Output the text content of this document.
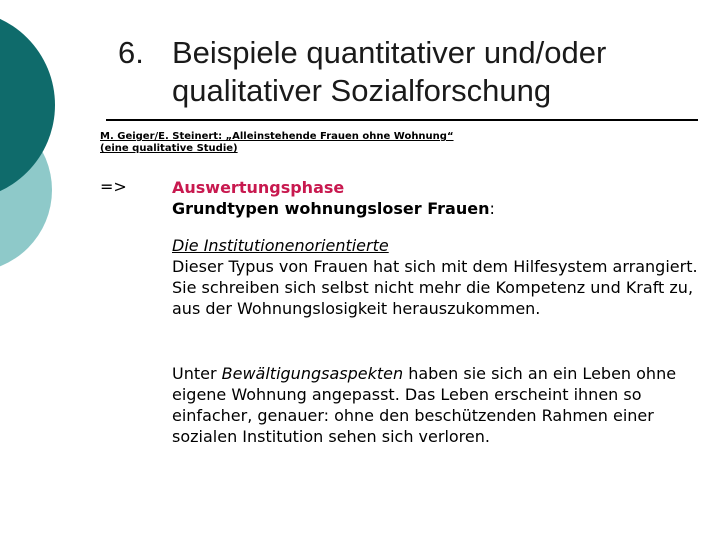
6. Beispiele quantitativer und/oder
qualitativer Sozialforschung
M. Geiger/E. Steinert: „Alleinstehende Frauen ohne Wohnung“
(eine qualitative Studie)
=>	Auswertungsphase
Grundtypen wohnungsloser Frauen:
Die Institutionenorientierte
Dieser Typus von Frauen hat sich mit dem Hilfesystem arrangiert. Sie schreiben sich selbst nicht mehr die Kompetenz und Kraft zu, aus der Wohnungslosigkeit herauszukommen.
Unter Bewältigungsaspekten haben sie sich an ein Leben ohne eigene Wohnung angepasst. Das Leben erscheint ihnen so einfacher, genauer: ohne den beschützenden Rahmen einer sozialen Institution sehen sich verloren.
